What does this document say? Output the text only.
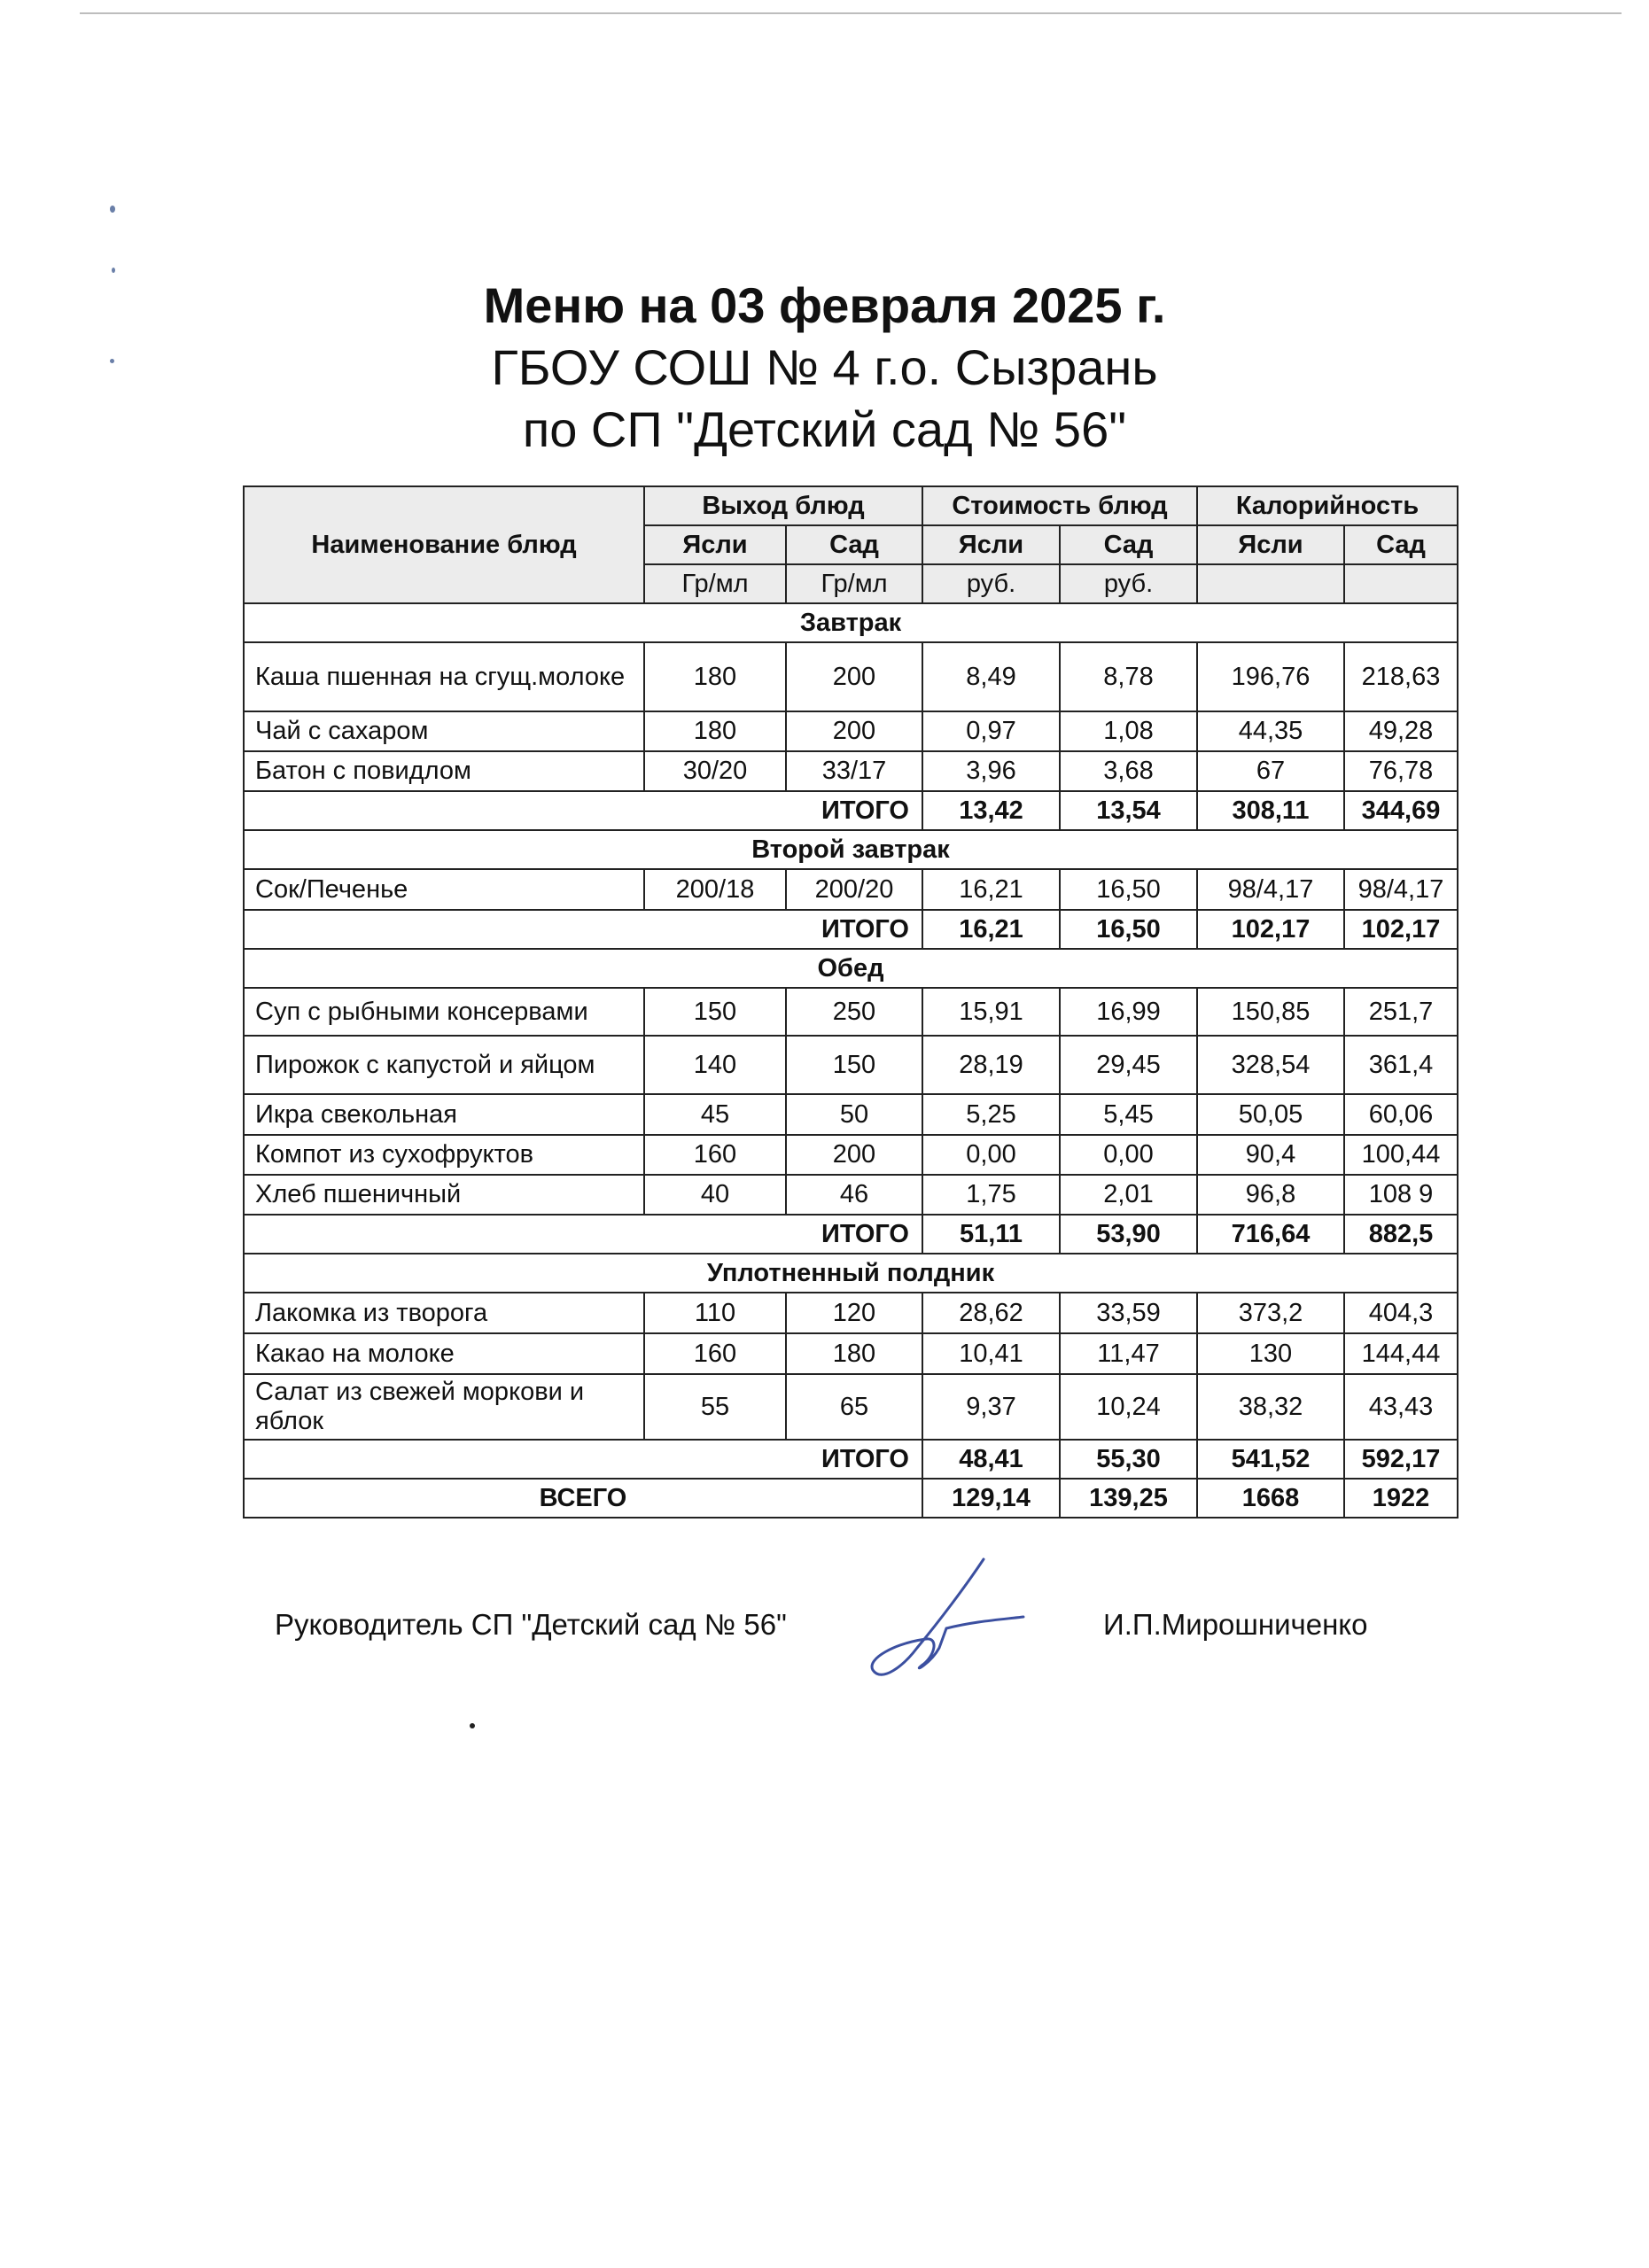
Меню на 03 февраля 2025 г.
ГБОУ СОШ № 4 г.о. Сызрань
по СП "Детский сад № 56"
Наименование блюд	Выход блюд		Стоимость блюд		Калорийность	
	Ясли	Сад	Ясли	Сад	Ясли	Сад
	Гр/мл	Гр/мл	руб.	руб.		
Завтрак						
Каша пшенная на сгущ.молоке	180	200	8,49	8,78	196,76	218,63
Чай с сахаром	180	200	0,97	1,08	44,35	49,28
Батон с повидлом	30/20	33/17	3,96	3,68	67	76,78
ИТОГО			13,42	13,54	308,11	344,69
Второй завтрак						
Сок/Печенье	200/18	200/20	16,21	16,50	98/4,17	98/4,17
ИТОГО			16,21	16,50	102,17	102,17
Обед						
Суп с рыбными консервами	150	250	15,91	16,99	150,85	251,7
Пирожок с капустой и яйцом	140	150	28,19	29,45	328,54	361,4
Икра свекольная	45	50	5,25	5,45	50,05	60,06
Компот из сухофруктов	160	200	0,00	0,00	90,4	100,44
Хлеб пшеничный	40	46	1,75	2,01	96,8	108 9
ИТОГО			51,11	53,90	716,64	882,5
Уплотненный полдник						
Лакомка из творога	110	120	28,62	33,59	373,2	404,3
Какао на молоке	160	180	10,41	11,47	130	144,44
Салат из свежей моркови и яблок	55	65	9,37	10,24	38,32	43,43
ИТОГО			48,41	55,30	541,52	592,17
ВСЕГО			129,14	139,25	1668	1922
Руководитель СП "Детский сад № 56"	И.П.Мирошниченко
